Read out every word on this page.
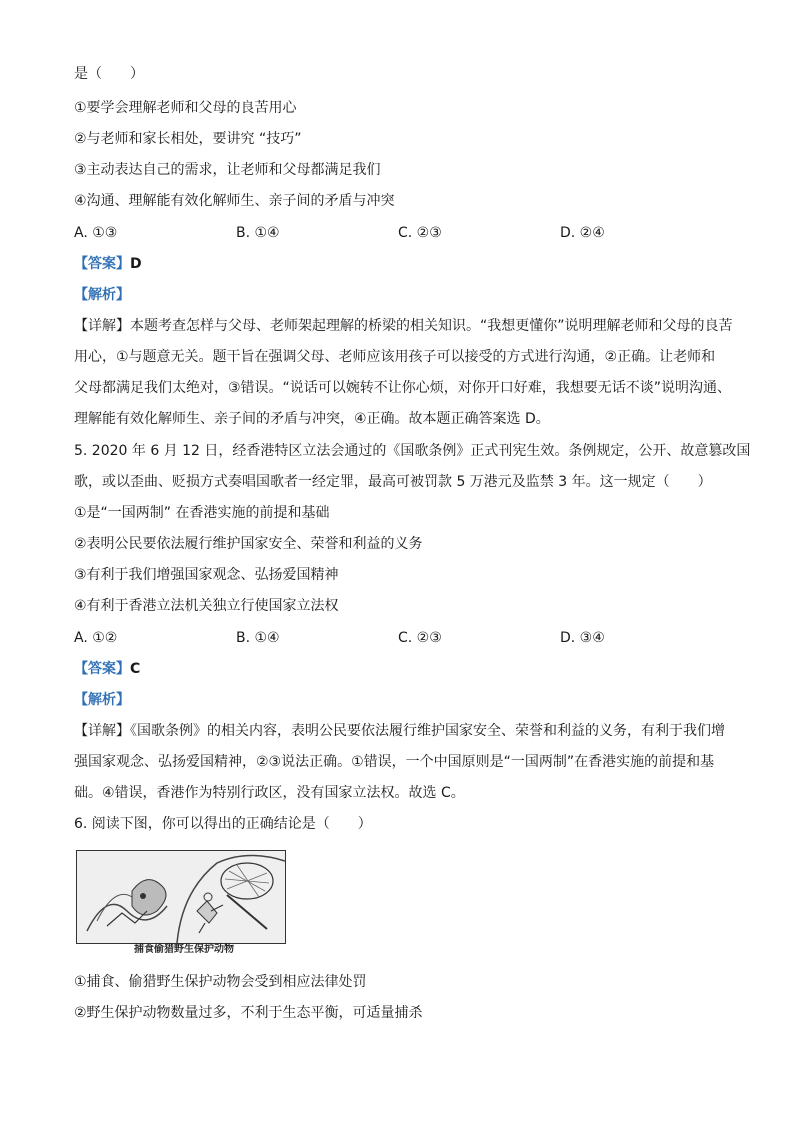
是（　　）
①要学会理解老师和父母的良苦用心
②与老师和家长相处，要讲究 “技巧”
③主动表达自己的需求，让老师和父母都满足我们
④沟通、理解能有效化解师生、亲子间的矛盾与冲突
A. ①③	B. ①④	C. ②③	D. ②④
【答案】D
【解析】
【详解】本题考查怎样与父母、老师架起理解的桥梁的相关知识。“我想更懂你”说明理解老师和父母的良苦
用心，①与题意无关。题干旨在强调父母、老师应该用孩子可以接受的方式进行沟通，②正确。让老师和
父母都满足我们太绝对，③错误。“说话可以婉转不让你心烦，对你开口好难，我想要无话不谈”说明沟通、
理解能有效化解师生、亲子间的矛盾与冲突，④正确。故本题正确答案选 D。
5. 2020 年 6 月 12 日，经香港特区立法会通过的《国歌条例》正式刊宪生效。条例规定，公开、故意篡改国
歌，或以歪曲、贬损方式奏唱国歌者一经定罪，最高可被罚款 5 万港元及监禁 3 年。这一规定（　　）
①是“一国两制” 在香港实施的前提和基础
②表明公民要依法履行维护国家安全、荣誉和利益的义务
③有利于我们增强国家观念、弘扬爱国精神
④有利于香港立法机关独立行使国家立法权
A. ①②	B. ①④	C. ②③	D. ③④
【答案】C
【解析】
【详解】《国歌条例》的相关内容，表明公民要依法履行维护国家安全、荣誉和利益的义务，有利于我们增
强国家观念、弘扬爱国精神，②③说法正确。①错误，一个中国原则是“一国两制”在香港实施的前提和基
础。④错误，香港作为特别行政区，没有国家立法权。故选 C。
6. 阅读下图，你可以得出的正确结论是（　　）
捕食偷猎野生保护动物
①捕食、偷猎野生保护动物会受到相应法律处罚
②野生保护动物数量过多，不利于生态平衡，可适量捕杀
